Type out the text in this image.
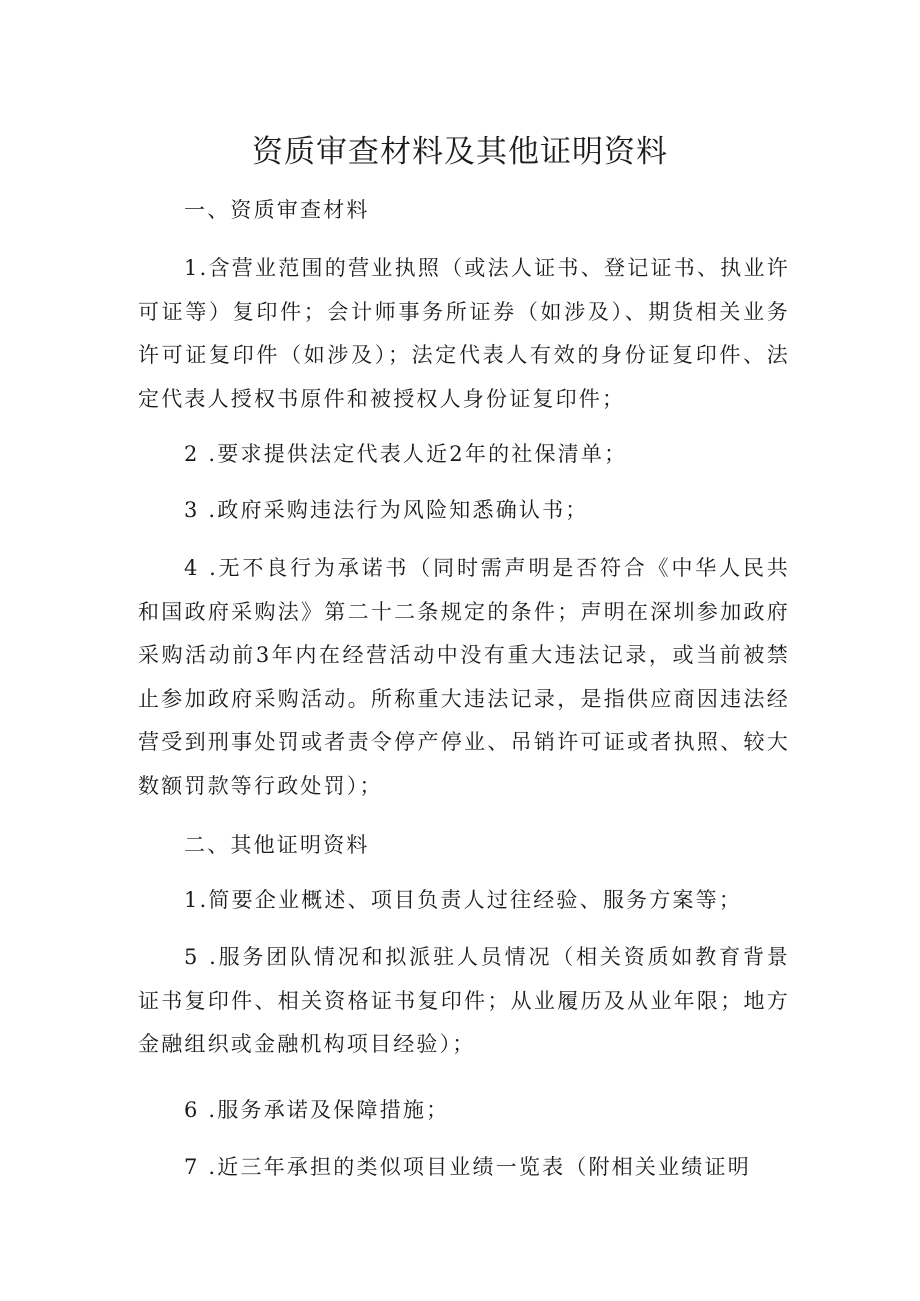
资质审查材料及其他证明资料

一、资质审查材料

1.含营业范围的营业执照（或法人证书、登记证书、执业许可证等）复印件；会计师事务所证券（如涉及）、期货相关业务许可证复印件（如涉及）；法定代表人有效的身份证复印件、法定代表人授权书原件和被授权人身份证复印件；

2 .要求提供法定代表人近2年的社保清单；

3 .政府采购违法行为风险知悉确认书；

4 .无不良行为承诺书（同时需声明是否符合《中华人民共和国政府采购法》第二十二条规定的条件；声明在深圳参加政府采购活动前3年内在经营活动中没有重大违法记录，或当前被禁止参加政府采购活动。所称重大违法记录，是指供应商因违法经营受到刑事处罚或者责令停产停业、吊销许可证或者执照、较大数额罚款等行政处罚）；

二、其他证明资料

1.简要企业概述、项目负责人过往经验、服务方案等；

5 .服务团队情况和拟派驻人员情况（相关资质如教育背景证书复印件、相关资格证书复印件；从业履历及从业年限；地方金融组织或金融机构项目经验）；

6 .服务承诺及保障措施；

7 .近三年承担的类似项目业绩一览表（附相关业绩证明
